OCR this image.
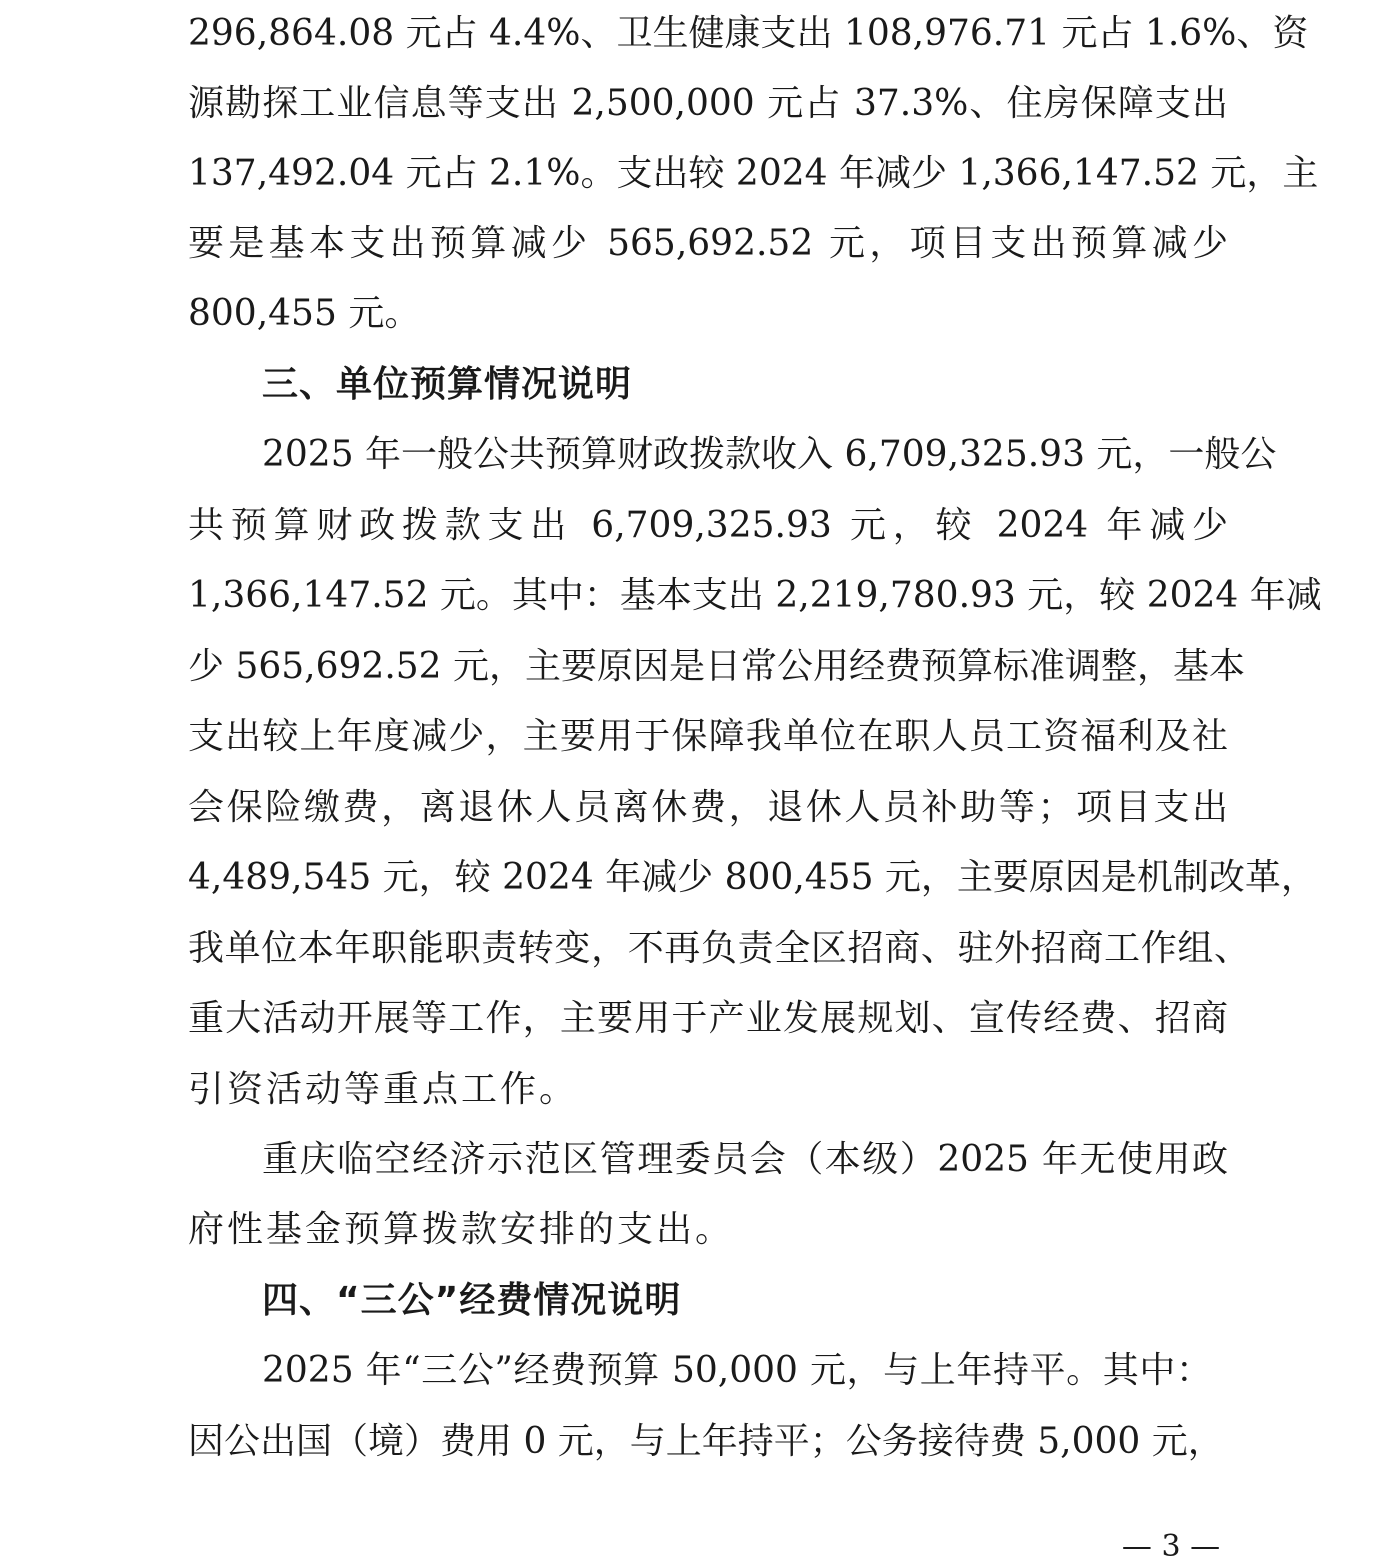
296,864.08 元占 4.4%、卫生健康支出 108,976.71 元占 1.6%、资
源勘探工业信息等支出 2,500,000 元占 37.3%、住房保障支出
137,492.04 元占 2.1%。支出较 2024 年减少 1,366,147.52 元，主
要是基本支出预算减少 565,692.52 元，项目支出预算减少
800,455 元。
三、单位预算情况说明
2025 年一般公共预算财政拨款收入 6,709,325.93 元，一般公
共预算财政拨款支出 6,709,325.93 元，较 2024 年减少
1,366,147.52 元。其中：基本支出 2,219,780.93 元，较 2024 年减
少 565,692.52 元，主要原因是日常公用经费预算标准调整，基本
支出较上年度减少，主要用于保障我单位在职人员工资福利及社
会保险缴费，离退休人员离休费，退休人员补助等；项目支出
4,489,545 元，较 2024 年减少 800,455 元，主要原因是机制改革，
我单位本年职能职责转变，不再负责全区招商、驻外招商工作组、
重大活动开展等工作，主要用于产业发展规划、宣传经费、招商
引资活动等重点工作。
重庆临空经济示范区管理委员会（本级）2025 年无使用政
府性基金预算拨款安排的支出。
四、“三公”经费情况说明
2025 年“三公”经费预算 50,000 元，与上年持平。其中：
因公出国（境）费用 0 元，与上年持平；公务接待费 5,000 元，
— 3 —
